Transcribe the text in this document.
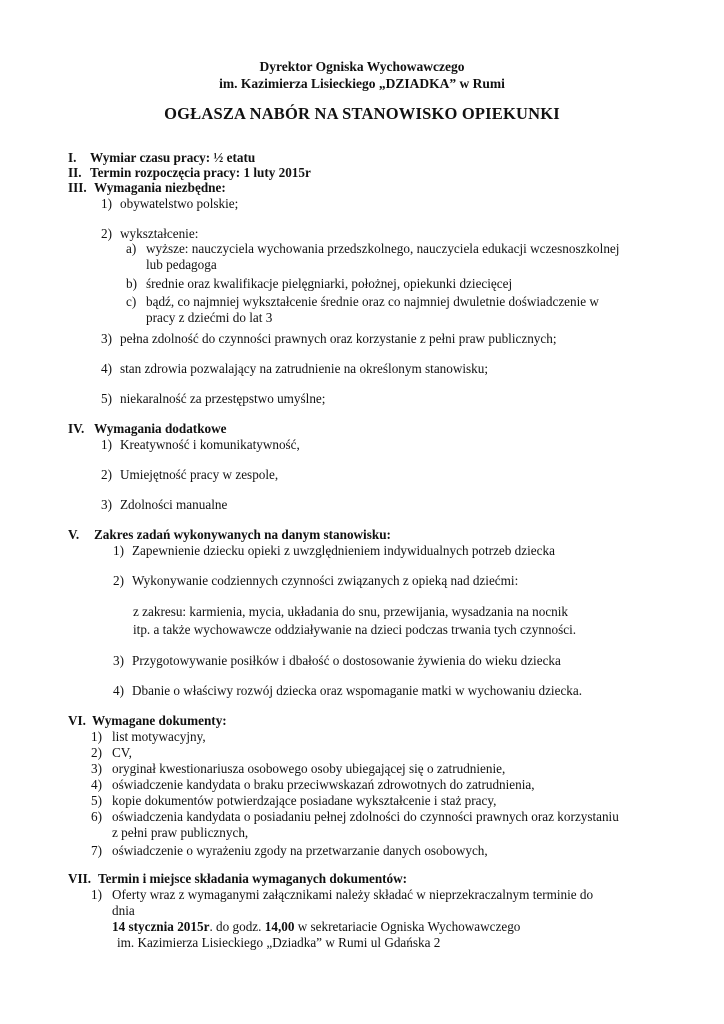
Dyrektor Ogniska Wychowawczego
im. Kazimierza Lisieckiego „DZIADKA” w Rumi
OGŁASZA NABÓR NA STANOWISKO OPIEKUNKI
I. Wymiar czasu pracy: ½ etatu
II. Termin rozpoczęcia pracy: 1 luty 2015r
III. Wymagania niezbędne:
1) obywatelstwo polskie;
2) wykształcenie:
a) wyższe: nauczyciela wychowania przedszkolnego, nauczyciela edukacji wczesnoszkolnej
lub pedagoga
b) średnie oraz kwalifikacje pielęgniarki, położnej, opiekunki dziecięcej
c) bądź, co najmniej wykształcenie średnie oraz co najmniej dwuletnie doświadczenie w
pracy z dziećmi do lat 3
3) pełna zdolność do czynności prawnych oraz korzystanie z pełni praw publicznych;
4) stan zdrowia pozwalający na zatrudnienie na określonym stanowisku;
5) niekaralność za przestępstwo umyślne;
IV. Wymagania dodatkowe
1) Kreatywność i komunikatywność,
2) Umiejętność pracy w zespole,
3) Zdolności manualne
V. Zakres zadań wykonywanych na danym stanowisku:
1) Zapewnienie dziecku opieki z uwzględnieniem indywidualnych potrzeb dziecka
2) Wykonywanie codziennych czynności związanych z opieką nad dziećmi:
z zakresu: karmienia, mycia, układania do snu, przewijania, wysadzania na nocnik
itp. a także wychowawcze oddziaływanie na dzieci podczas trwania tych czynności.
3) Przygotowywanie posiłków i dbałość o dostosowanie żywienia do wieku dziecka
4) Dbanie o właściwy rozwój dziecka oraz wspomaganie matki w wychowaniu dziecka.
VI. Wymagane dokumenty:
1) list motywacyjny,
2) CV,
3) oryginał kwestionariusza osobowego osoby ubiegającej się o zatrudnienie,
4) oświadczenie kandydata o braku przeciwwskazań zdrowotnych do zatrudnienia,
5) kopie dokumentów potwierdzające posiadane wykształcenie i staż pracy,
6) oświadczenia kandydata o posiadaniu pełnej zdolności do czynności prawnych oraz korzystaniu
z pełni praw publicznych,
7) oświadczenie o wyrażeniu zgody na przetwarzanie danych osobowych,
VII. Termin i miejsce składania wymaganych dokumentów:
1) Oferty wraz z wymaganymi załącznikami należy składać w nieprzekraczalnym terminie do
dnia
14 stycznia 2015r. do godz. 14,00 w sekretariacie Ogniska Wychowawczego
im. Kazimierza Lisieckiego „Dziadka” w Rumi ul Gdańska 2
